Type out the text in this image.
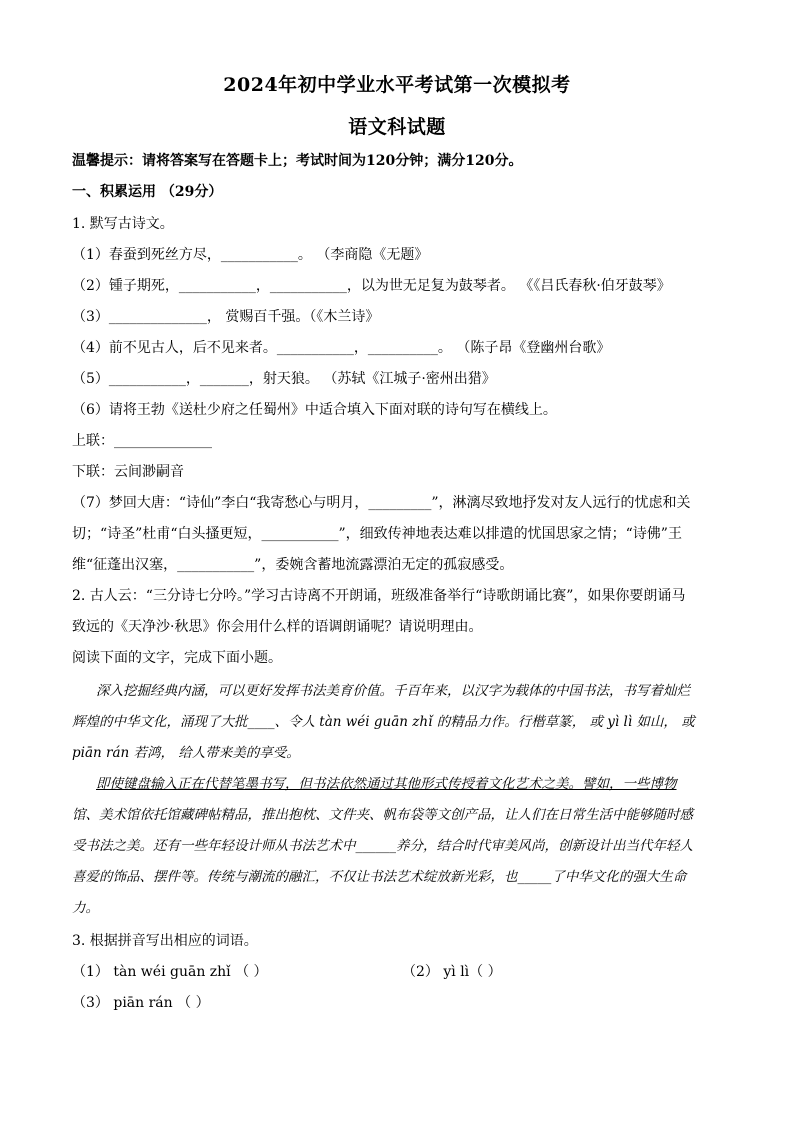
2024年初中学业水平考试第一次模拟考
语文科试题
温馨提示：请将答案写在答题卡上；考试时间为120分钟；满分120分。
一、积累运用 （29分）
1. 默写古诗文。
（1）春蚕到死丝方尽，___________。 （李商隐《无题》
（2）锺子期死，___________，___________，以为世无足复为鼓琴者。 《《吕氏春秋·伯牙鼓琴》
（3）______________， 赏赐百千强。（《木兰诗》
（4）前不见古人，后不见来者。___________，__________。 （陈子昂《登幽州台歌》
（5）___________，_______，射天狼。 （苏轼《江城子·密州出猎》
（6）请将王勃《送杜少府之任蜀州》中适合填入下面对联的诗句写在横线上。
上联：______________
下联：云间渺嗣音
（7）梦回大唐：“诗仙”李白“我寄愁心与明月，_________”，淋漓尽致地抒发对友人远行的忧虑和关
切；“诗圣”杜甫“白头搔更短，___________”，细致传神地表达难以排遣的忧国思家之情；“诗佛”王
维“征蓬出汉塞，___________”，委婉含蓄地流露漂泊无定的孤寂感受。
2. 古人云：“三分诗七分吟。”学习古诗离不开朗诵，班级准备举行“诗歌朗诵比赛”，如果你要朗诵马
致远的《天净沙·秋思》你会用什么样的语调朗诵呢？请说明理由。
阅读下面的文字，完成下面小题。
深入挖掘经典内涵，可以更好发挥书法美育价值。千百年来，以汉字为载体的中国书法，书写着灿烂
辉煌的中华文化，涌现了大批____、令人 tàn wéi guān zhǐ 的精品力作。行楷草篆， 或 yì lì 如山， 或
piān rán 若鸿， 给人带来美的享受。
即使键盘输入正在代替笔墨书写，但书法依然通过其他形式传授着文化艺术之美。譬如，一些博物
馆、美术馆依托馆藏碑帖精品，推出抱枕、文件夹、帆布袋等文创产品，让人们在日常生活中能够随时感
受书法之美。还有一些年轻设计师从书法艺术中______养分，结合时代审美风尚，创新设计出当代年轻人
喜爱的饰品、摆件等。传统与潮流的融汇，不仅让书法艺术绽放新光彩，也_____了中华文化的强大生命
力。
3. 根据拼音写出相应的词语。
（1） tàn wéi guān zhǐ （ ）	（2） yì lì（ ）
（3） piān rán （ ）
